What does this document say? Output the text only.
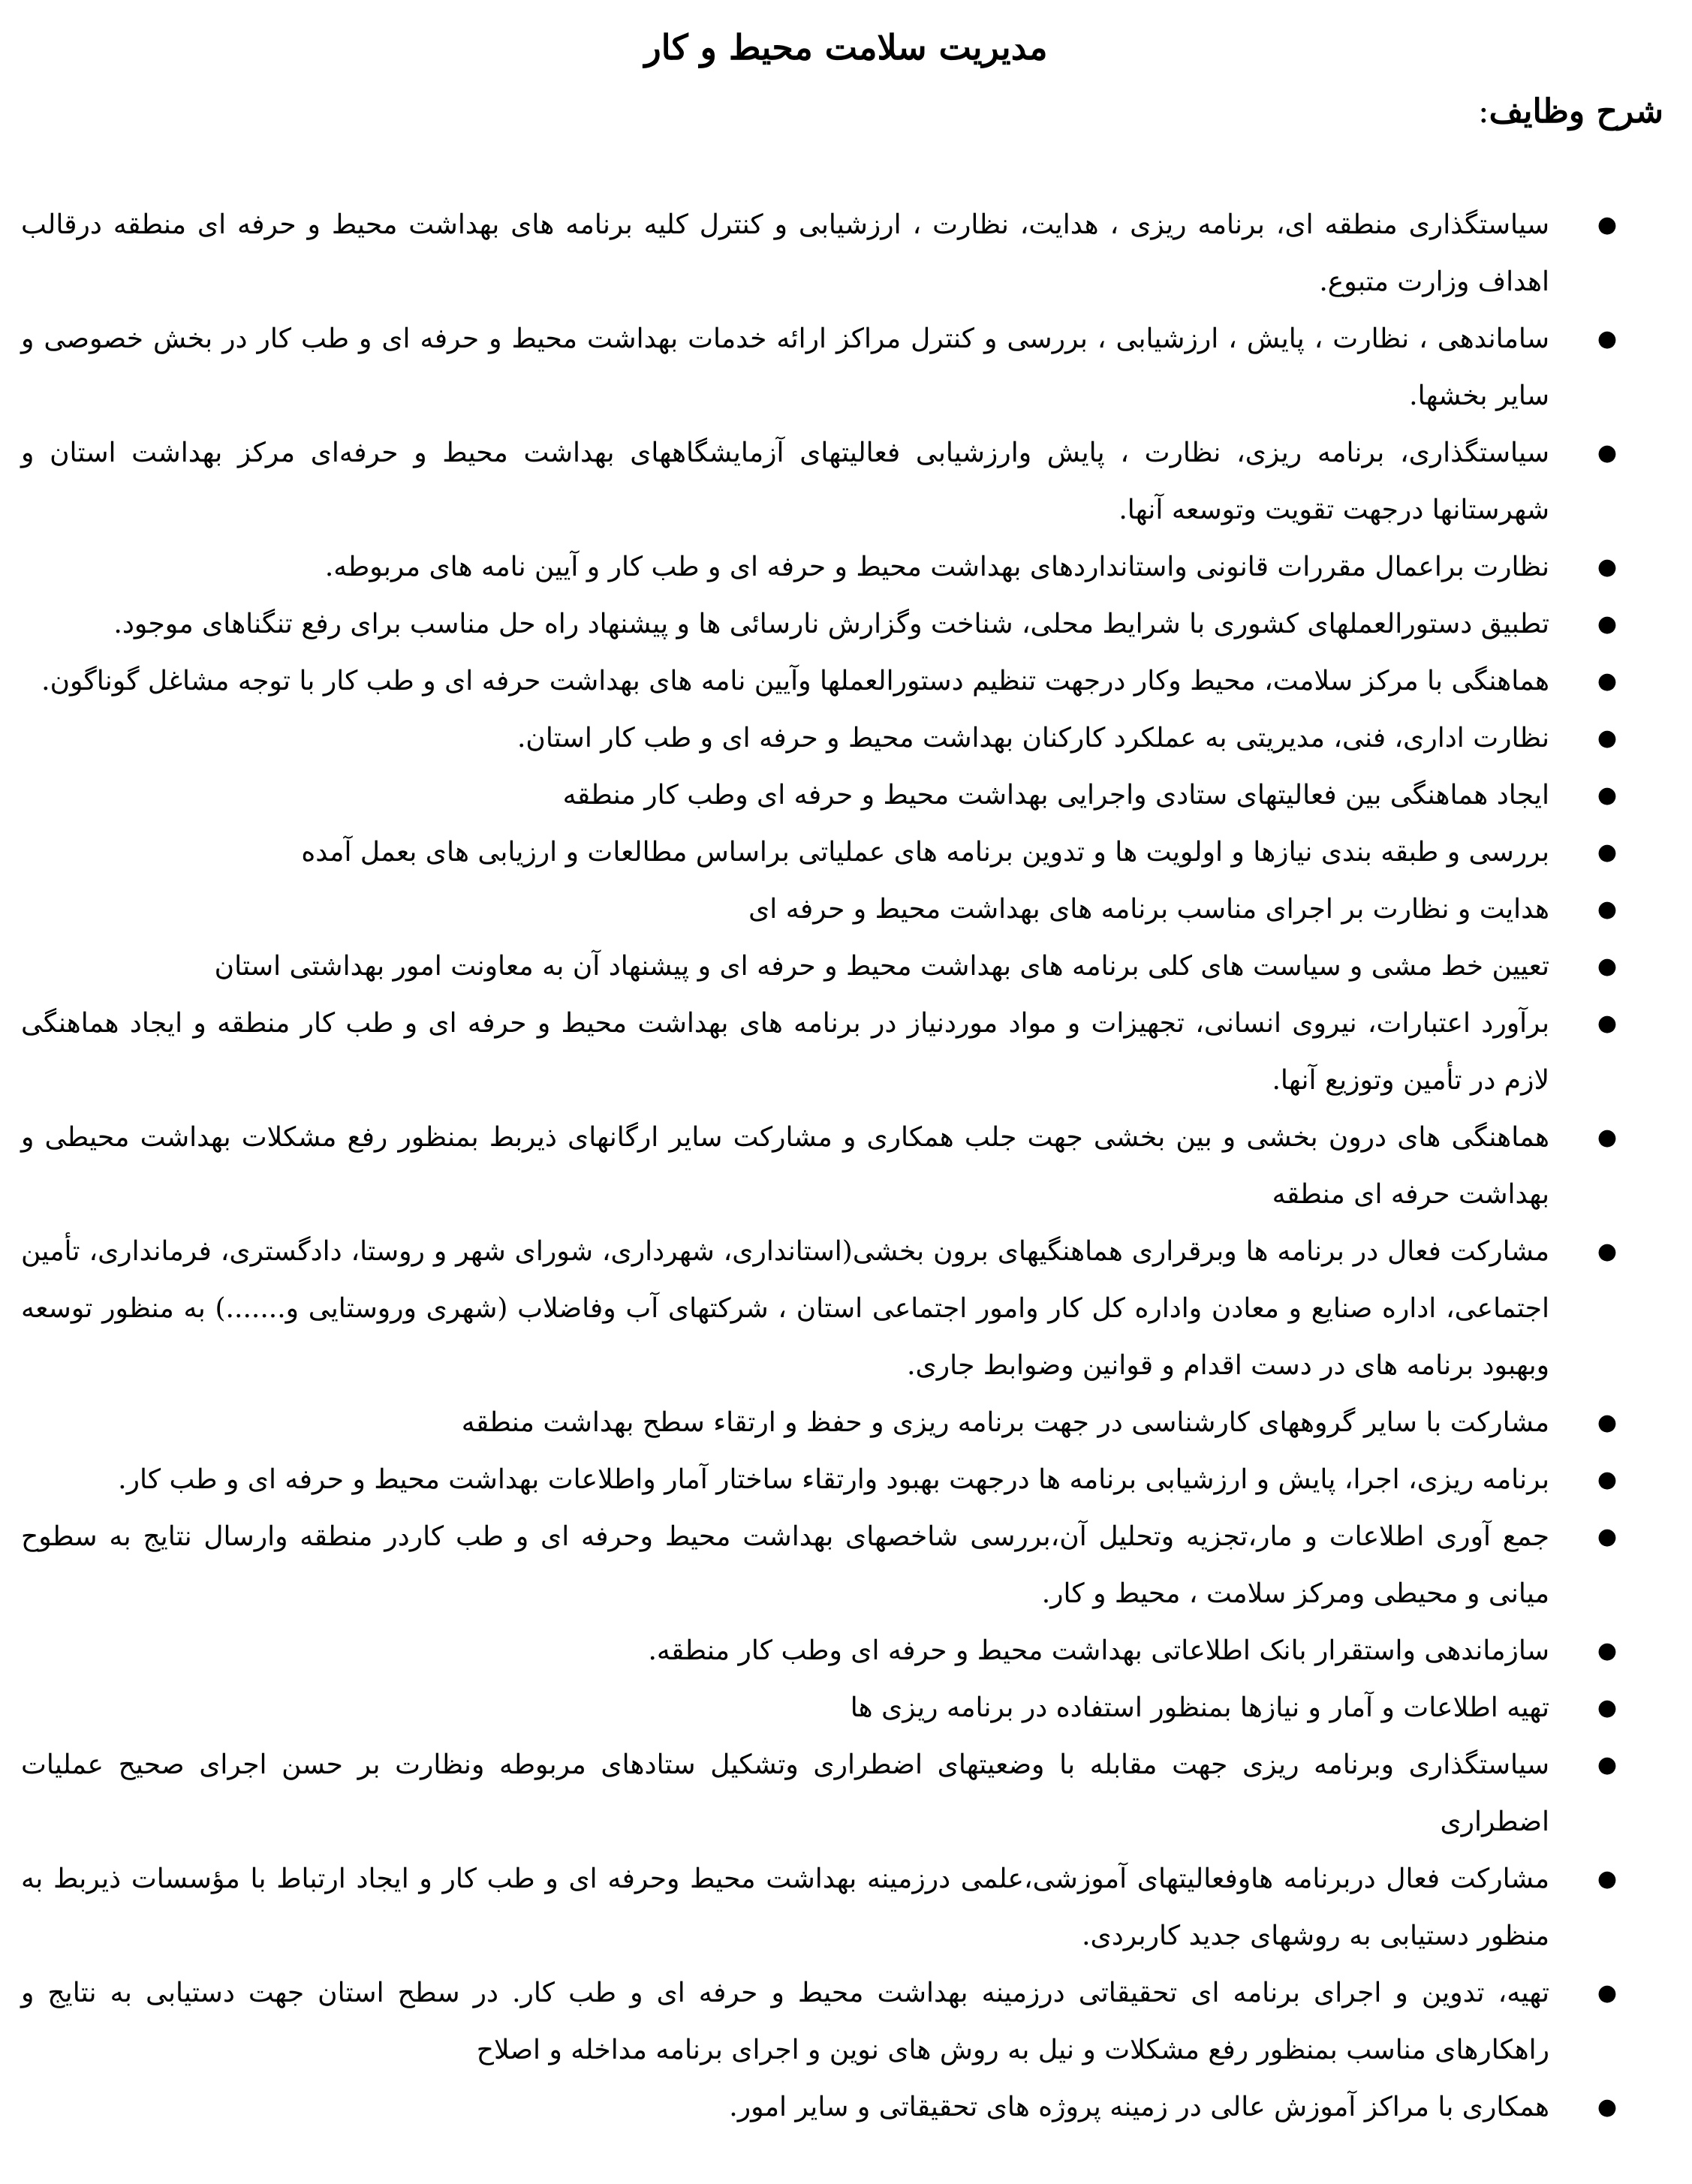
مدیریت سلامت محیط و کار
شرح وظایف:
●
سیاستگذاری منطقه ای، برنامه ریزی ، هدایت، نظارت ، ارزشیابی و کنترل کلیه برنامه های بهداشت محیط و حرفه ای منطقه درقالب اهداف وزارت متبوع.
●
ساماندهی ، نظارت ، پایش ، ارزشیابی ، بررسی و کنترل مراکز ارائه خدمات بهداشت محیط و حرفه ای و طب کار در بخش خصوصی و سایر بخشها.
●
سیاستگذاری، برنامه ریزی، نظارت ، پایش وارزشیابی فعالیتهای آزمایشگاههای بهداشت محیط و حرفه‌ای مرکز بهداشت استان و شهرستانها درجهت تقویت وتوسعه آنها.
●
نظارت براعمال مقررات قانونی واستانداردهای بهداشت محیط و حرفه ای و طب کار و آیین نامه های مربوطه.
●
تطبیق دستورالعملهای کشوری با شرایط محلی، شناخت وگزارش نارسائی ها و پیشنهاد راه حل مناسب برای رفع تنگناهای موجود.
●
هماهنگی با مرکز سلامت، محیط وکار درجهت تنظیم دستورالعملها وآیین نامه های بهداشت حرفه ای و طب کار با توجه مشاغل گوناگون.
●
نظارت اداری، فنی، مدیریتی به عملکرد کارکنان بهداشت محیط و حرفه ای و طب کار استان.
●
ایجاد هماهنگی بین فعالیتهای ستادی واجرایی بهداشت محیط و حرفه ای وطب کار منطقه
●
بررسی و طبقه بندی نیازها و اولویت ها و تدوین برنامه های عملیاتی براساس مطالعات و ارزیابی های بعمل آمده
●
هدایت و نظارت بر اجرای مناسب برنامه های بهداشت محیط و حرفه ای
●
تعیین خط مشی و سیاست های کلی برنامه های بهداشت محیط و حرفه ای و پیشنهاد آن به معاونت امور بهداشتی استان
●
برآورد اعتبارات، نیروی انسانی، تجهیزات و مواد موردنیاز در برنامه های بهداشت محیط و حرفه ای و طب کار منطقه و ایجاد هماهنگی لازم در تأمین وتوزیع آنها.
●
هماهنگی های درون بخشی و بین بخشی جهت جلب همکاری و مشارکت سایر ارگانهای ذیربط بمنظور رفع مشکلات بهداشت محیطی و بهداشت حرفه ای منطقه
●
مشارکت فعال در برنامه ها وبرقراری هماهنگیهای برون بخشی(استانداری، شهرداری، شورای شهر و روستا، دادگستری، فرمانداری، تأمین اجتماعی، اداره صنایع و معادن واداره کل کار وامور اجتماعی استان ، شرکتهای آب وفاضلاب (شهری وروستایی و.......) به منظور توسعه وبهبود برنامه های در دست اقدام و قوانین وضوابط جاری.
●
مشارکت با سایر گروههای کارشناسی در جهت برنامه ریزی و حفظ و ارتقاء سطح بهداشت منطقه
●
برنامه ریزی، اجرا، پایش و ارزشیابی برنامه ها درجهت بهبود وارتقاء ساختار آمار واطلاعات بهداشت محیط و حرفه ای و طب کار.
●
جمع آوری اطلاعات و مار،تجزیه وتحلیل آن،بررسی شاخصهای بهداشت محیط وحرفه ای و طب کاردر منطقه وارسال نتایج به سطوح میانی و محیطی ومرکز سلامت ، محیط و کار.
●
سازماندهی واستقرار بانک اطلاعاتی بهداشت محیط و حرفه ای وطب کار منطقه.
●
تهیه اطلاعات و آمار و نیازها بمنظور استفاده در برنامه ریزی ها
●
سیاستگذاری وبرنامه ریزی جهت مقابله با وضعیتهای اضطراری وتشکیل ستادهای مربوطه ونظارت بر حسن اجرای صحیح عملیات اضطراری
●
مشارکت فعال دربرنامه هاوفعالیتهای آموزشی،علمی درزمینه بهداشت محیط وحرفه ای و طب کار و ایجاد ارتباط با مؤسسات ذیربط به منظور دستیابی به روشهای جدید کاربردی.
●
تهیه، تدوین و اجرای برنامه ای تحقیقاتی درزمینه بهداشت محیط و حرفه ای و طب کار. در سطح استان جهت دستیابی به نتایج و راهکارهای مناسب بمنظور رفع مشکلات و نیل به روش های نوین و اجرای برنامه مداخله و اصلاح
●
همکاری با مراکز آموزش عالی در زمینه پروژه های تحقیقاتی و سایر امور.
